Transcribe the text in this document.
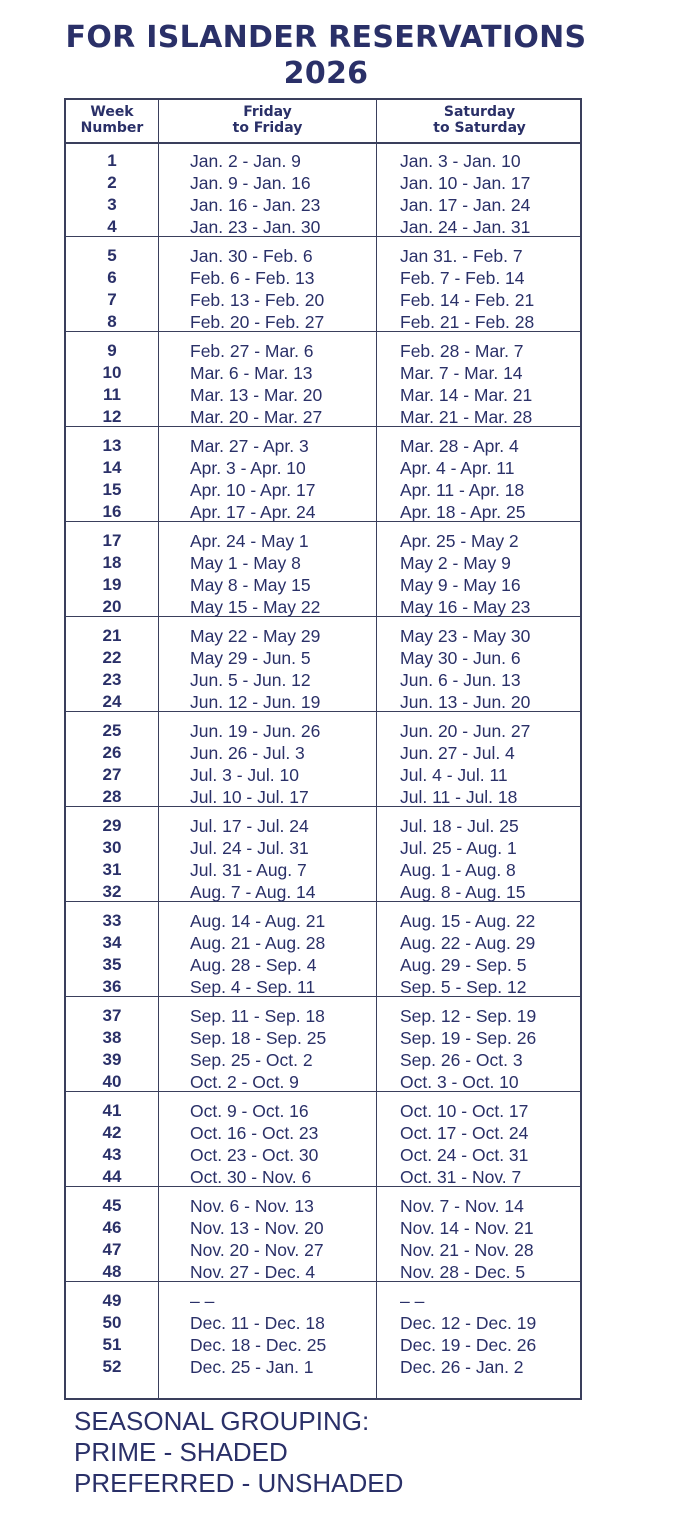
FOR ISLANDER RESERVATIONS
2026
Week
Number
Friday
to Friday
Saturday
to Saturday
1	Jan. 2 - Jan. 9	Jan. 3 - Jan. 10
2	Jan. 9 - Jan. 16	Jan. 10 - Jan. 17
3	Jan. 16 - Jan. 23	Jan. 17 - Jan. 24
4	Jan. 23 - Jan. 30	Jan. 24 - Jan. 31
5	Jan. 30 - Feb. 6	Jan 31. - Feb. 7
6	Feb. 6 - Feb. 13	Feb. 7 - Feb. 14
7	Feb. 13 - Feb. 20	Feb. 14 - Feb. 21
8	Feb. 20 - Feb. 27	Feb. 21 - Feb. 28
9	Feb. 27 - Mar. 6	Feb. 28 - Mar. 7
10	Mar. 6 - Mar. 13	Mar. 7 - Mar. 14
11	Mar. 13 - Mar. 20	Mar. 14 - Mar. 21
12	Mar. 20 - Mar. 27	Mar. 21 - Mar. 28
13	Mar. 27 - Apr. 3	Mar. 28 - Apr. 4
14	Apr. 3 - Apr. 10	Apr. 4 - Apr. 11
15	Apr. 10 - Apr. 17	Apr. 11 - Apr. 18
16	Apr. 17 - Apr. 24	Apr. 18 - Apr. 25
17	Apr. 24 - May 1	Apr. 25 - May 2
18	May 1 - May 8	May 2 - May 9
19	May 8 - May 15	May 9 - May 16
20	May 15 - May 22	May 16 - May 23
21	May 22 - May 29	May 23 - May 30
22	May 29 - Jun. 5	May 30 - Jun. 6
23	Jun. 5 - Jun. 12	Jun. 6 - Jun. 13
24	Jun. 12 - Jun. 19	Jun. 13 - Jun. 20
25	Jun. 19 - Jun. 26	Jun. 20 - Jun. 27
26	Jun. 26 - Jul. 3	Jun. 27 - Jul. 4
27	Jul. 3 - Jul. 10	Jul. 4 - Jul. 11
28	Jul. 10 - Jul. 17	Jul. 11 - Jul. 18
29	Jul. 17 - Jul. 24	Jul. 18 - Jul. 25
30	Jul. 24 - Jul. 31	Jul. 25 - Aug. 1
31	Jul. 31 - Aug. 7	Aug. 1 - Aug. 8
32	Aug. 7 - Aug. 14	Aug. 8 - Aug. 15
33	Aug. 14 - Aug. 21	Aug. 15 - Aug. 22
34	Aug. 21 - Aug. 28	Aug. 22 - Aug. 29
35	Aug. 28 - Sep. 4	Aug. 29 - Sep. 5
36	Sep. 4 - Sep. 11	Sep. 5 - Sep. 12
37	Sep. 11 - Sep. 18	Sep. 12 - Sep. 19
38	Sep. 18 - Sep. 25	Sep. 19 - Sep. 26
39	Sep. 25 - Oct. 2	Sep. 26 - Oct. 3
40	Oct. 2 - Oct. 9	Oct. 3 - Oct. 10
41	Oct. 9 - Oct. 16	Oct. 10 - Oct. 17
42	Oct. 16 - Oct. 23	Oct. 17 - Oct. 24
43	Oct. 23 - Oct. 30	Oct. 24 - Oct. 31
44	Oct. 30 - Nov. 6	Oct. 31 - Nov. 7
45	Nov. 6 - Nov. 13	Nov. 7 - Nov. 14
46	Nov. 13 - Nov. 20	Nov. 14 - Nov. 21
47	Nov. 20 - Nov. 27	Nov. 21 - Nov. 28
48	Nov. 27 - Dec. 4	Nov. 28 - Dec. 5
49	– –	– –
50	Dec. 11 - Dec. 18	Dec. 12 - Dec. 19
51	Dec. 18 - Dec. 25	Dec. 19 - Dec. 26
52	Dec. 25 - Jan. 1	Dec. 26 - Jan. 2
SEASONAL GROUPING:
PRIME - SHADED
PREFERRED - UNSHADED
